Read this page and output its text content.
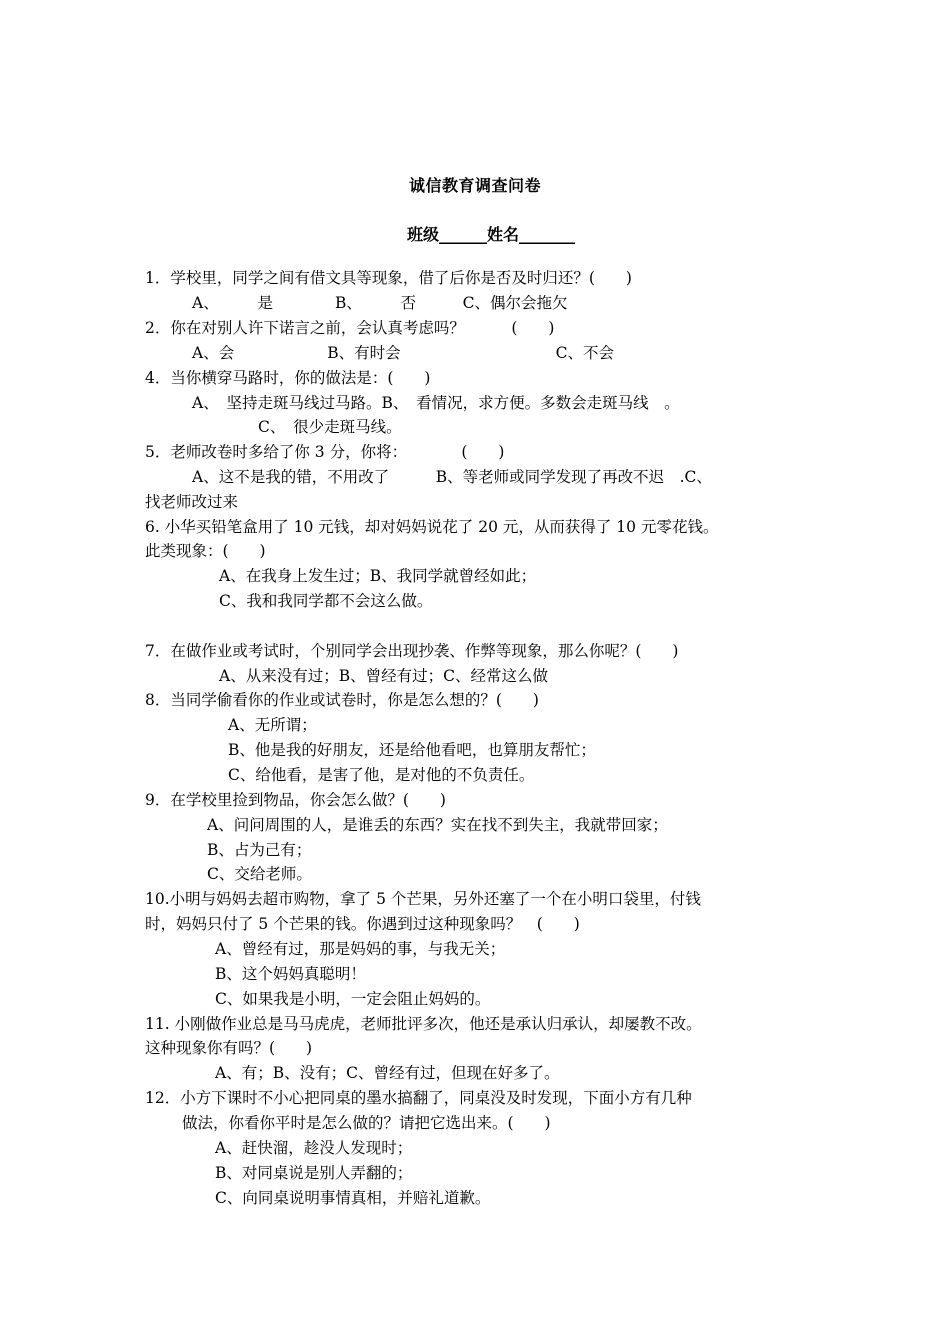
诚信教育调查问卷
班级______姓名_______
1．学校里，同学之间有借文具等现象，借了后你是否及时归还？(　　)
A、　　　是　　　　B、　　　否　　　C、偶尔会拖欠
2．你在对别人许下诺言之前，会认真考虑吗？　　　(　　)
A、会　　　　　　B、有时会　　　　　　　　　　C、不会
4．当你横穿马路时，你的做法是：(　　)
A、　坚持走斑马线过马路。B、　看情况，求方便。多数会走斑马线　。
C、　很少走斑马线。
5．老师改卷时多给了你 3 分，你将：　　　　(　　)
A、这不是我的错，不用改了　　　B、等老师或同学发现了再改不迟　.C、
找老师改过来
6. 小华买铅笔盒用了 10 元钱，却对妈妈说花了 20 元，从而获得了 10 元零花钱。
此类现象：(　　)
A、在我身上发生过；B、我同学就曾经如此；
C、我和我同学都不会这么做。
7．在做作业或考试时，个别同学会出现抄袭、作弊等现象，那么你呢？(　　)
A、从来没有过；B、曾经有过；C、经常这么做
8．当同学偷看你的作业或试卷时，你是怎么想的？(　　)
A、无所谓；
B、他是我的好朋友，还是给他看吧，也算朋友帮忙；
C、给他看，是害了他，是对他的不负责任。
9．在学校里捡到物品，你会怎么做？(　　)
A、问问周围的人，是谁丢的东西？实在找不到失主，我就带回家；
B、占为己有；
C、交给老师。
10.小明与妈妈去超市购物，拿了 5 个芒果，另外还塞了一个在小明口袋里，付钱
时，妈妈只付了 5 个芒果的钱。你遇到过这种现象吗？　(　　)
A、曾经有过，那是妈妈的事，与我无关；
B、这个妈妈真聪明！
C、如果我是小明，一定会阻止妈妈的。
11. 小刚做作业总是马马虎虎，老师批评多次，他还是承认归承认，却屡教不改。
这种现象你有吗？(　　)
A、有；B、没有；C、曾经有过，但现在好多了。
12．小方下课时不小心把同桌的墨水搞翻了，同桌没及时发现，下面小方有几种
做法，你看你平时是怎么做的？请把它选出来。(　　)
A、赶快溜，趁没人发现时；
B、对同桌说是别人弄翻的；
C、向同桌说明事情真相，并赔礼道歉。
